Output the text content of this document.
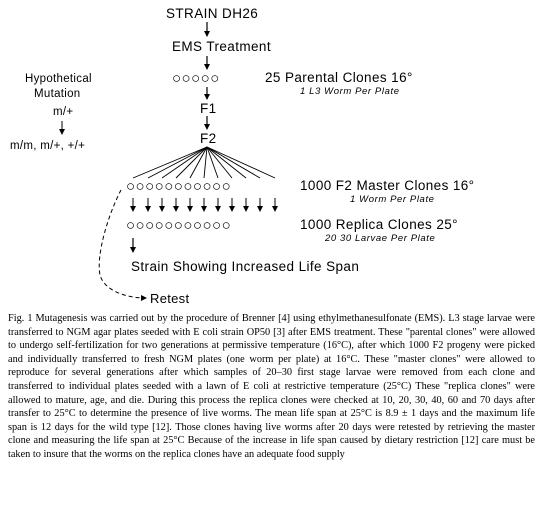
STRAIN DH26
EMS Treatment
○○○○○	25 Parental Clones 16°
1 L3 Worm Per Plate
F1
F2
Hypothetical
Mutation
m/+
m/m, m/+, +/+
○○○○○○○○○○○	1000 F2 Master Clones 16°
1 Worm Per Plate
○○○○○○○○○○○	1000 Replica Clones 25°
20 30 Larvae Per Plate
Strain Showing Increased Life Span
Retest

Fig. 1 Mutagenesis was carried out by the procedure of Brenner [4] using ethylmethanesulfonate (EMS). L3 stage larvae were transferred to NGM agar plates seeded with E coli strain OP50 [3] after EMS treatment. These "parental clones" were allowed to undergo self-fertilization for two generations at permissive temperature (16°C), after which 1000 F2 progeny were picked and individually transferred to fresh NGM plates (one worm per plate) at 16°C. These "master clones" were allowed to reproduce for several generations after which samples of 20–30 first stage larvae were removed from each clone and transferred to individual plates seeded with a lawn of E coli at restrictive temperature (25°C) These "replica clones" were allowed to mature, age, and die. During this process the replica clones were checked at 10, 20, 30, 40, 60 and 70 days after transfer to 25°C to determine the presence of live worms. The mean life span at 25°C is 8.9 ± 1 days and the maximum life span is 12 days for the wild type [12]. Those clones having live worms after 20 days were retested by retrieving the master clone and measuring the life span at 25°C Because of the increase in life span caused by dietary restriction [12] care must be taken to insure that the worms on the replica clones have an adequate food supply
